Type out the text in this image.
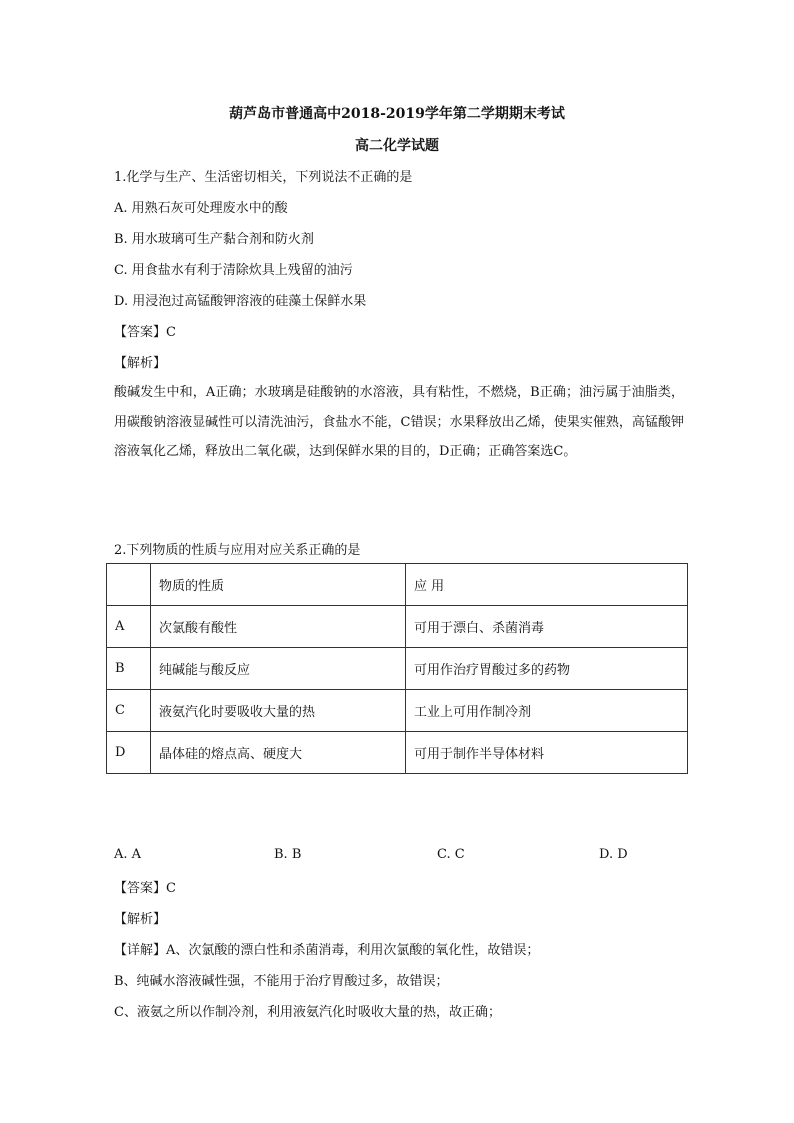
葫芦岛市普通高中2018-2019学年第二学期期末考试
高二化学试题
1.化学与生产、生活密切相关，下列说法不正确的是
A. 用熟石灰可处理废水中的酸
B. 用水玻璃可生产黏合剂和防火剂
C. 用食盐水有利于清除炊具上残留的油污
D. 用浸泡过高锰酸钾溶液的硅藻土保鲜水果
【答案】C
【解析】
酸碱发生中和，A正确；水玻璃是硅酸钠的水溶液，具有粘性，不燃烧，B正确；油污属于油脂类，用碳酸钠溶液显碱性可以清洗油污，食盐水不能，C错误；水果释放出乙烯，使果实催熟，高锰酸钾溶液氧化乙烯，释放出二氧化碳，达到保鲜水果的目的，D正确；正确答案选C。
2.下列物质的性质与应用对应关系正确的是
	物质的性质	应 用
A	次氯酸有酸性	可用于漂白、杀菌消毒
B	纯碱能与酸反应	可用作治疗胃酸过多的药物
C	液氨汽化时要吸收大量的热	工业上可用作制冷剂
D	晶体硅的熔点高、硬度大	可用于制作半导体材料
A. A	B. B	C. C	D. D
【答案】C
【解析】
【详解】A、次氯酸的漂白性和杀菌消毒，利用次氯酸的氧化性，故错误；
B、纯碱水溶液碱性强，不能用于治疗胃酸过多，故错误；
C、液氨之所以作制冷剂，利用液氨汽化时吸收大量的热，故正确；
